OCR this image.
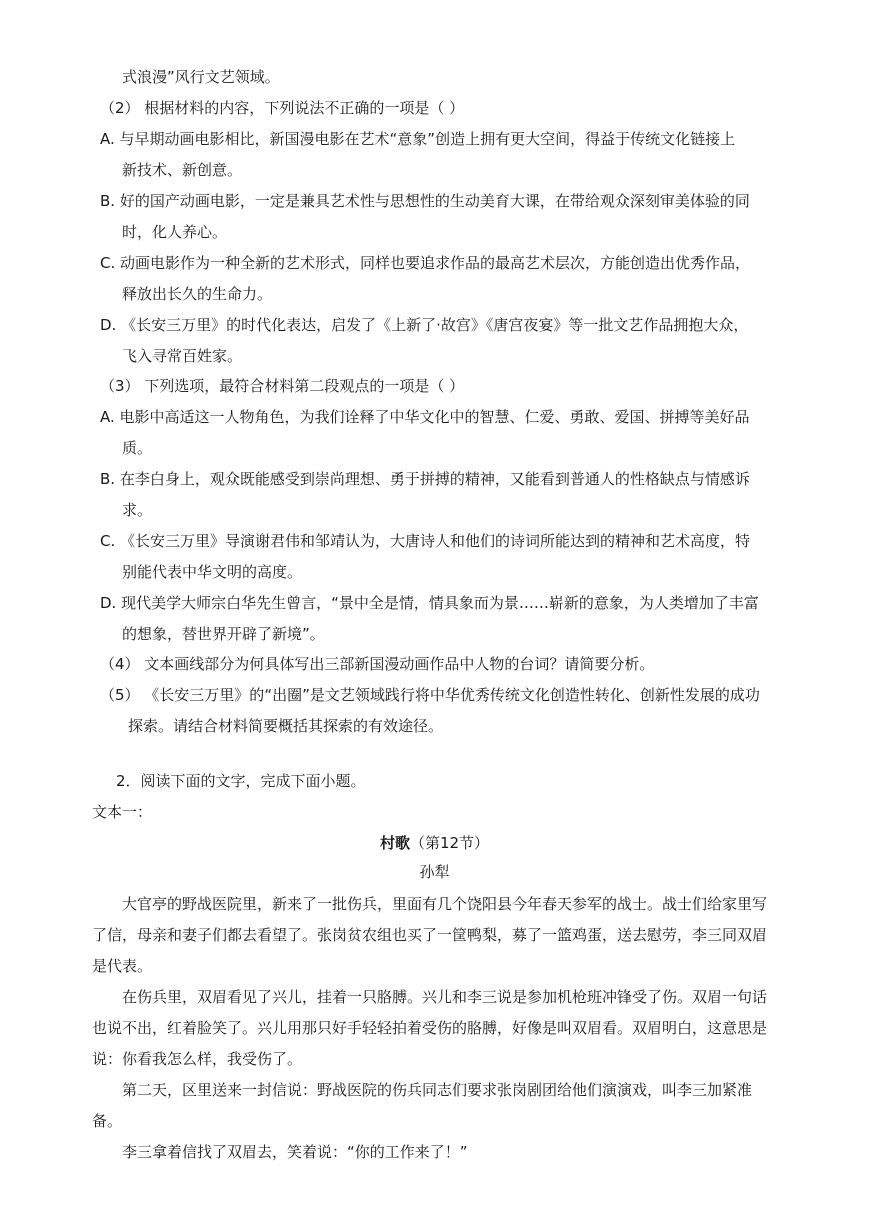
式浪漫”风行文艺领域。
（2） 根据材料的内容，下列说法不正确的一项是（ ）
A. 与早期动画电影相比，新国漫电影在艺术“意象”创造上拥有更大空间，得益于传统文化链接上
新技术、新创意。
B. 好的国产动画电影，一定是兼具艺术性与思想性的生动美育大课，在带给观众深刻审美体验的同
时，化人养心。
C. 动画电影作为一种全新的艺术形式，同样也要追求作品的最高艺术层次，方能创造出优秀作品，
释放出长久的生命力。
D. 《长安三万里》的时代化表达，启发了《上新了·故宫》《唐宫夜宴》等一批文艺作品拥抱大众，
飞入寻常百姓家。
（3） 下列选项，最符合材料第二段观点的一项是（ ）
A. 电影中高适这一人物角色，为我们诠释了中华文化中的智慧、仁爱、勇敢、爱国、拼搏等美好品
质。
B. 在李白身上，观众既能感受到崇尚理想、勇于拼搏的精神，又能看到普通人的性格缺点与情感诉
求。
C. 《长安三万里》导演谢君伟和邹靖认为，大唐诗人和他们的诗词所能达到的精神和艺术高度，特
别能代表中华文明的高度。
D. 现代美学大师宗白华先生曾言，“景中全是情，情具象而为景……崭新的意象，为人类增加了丰富
的想象，替世界开辟了新境”。
（4） 文本画线部分为何具体写出三部新国漫动画作品中人物的台词？请简要分析。
（5） 《长安三万里》的“出圈”是文艺领域践行将中华优秀传统文化创造性转化、创新性发展的成功
探索。请结合材料简要概括其探索的有效途径。
2．阅读下面的文字，完成下面小题。
文本一：
村歌（第12节）
孙犁
大官亭的野战医院里，新来了一批伤兵，里面有几个饶阳县今年春天参军的战士。战士们给家里写
了信，母亲和妻子们都去看望了。张岗贫农组也买了一筐鸭梨，募了一篮鸡蛋，送去慰劳，李三同双眉
是代表。
在伤兵里，双眉看见了兴儿，挂着一只胳膊。兴儿和李三说是参加机枪班冲锋受了伤。双眉一句话
也说不出，红着脸笑了。兴儿用那只好手轻轻拍着受伤的胳膊，好像是叫双眉看。双眉明白，这意思是
说：你看我怎么样，我受伤了。
第二天，区里送来一封信说：野战医院的伤兵同志们要求张岗剧团给他们演演戏，叫李三加紧准
备。
李三拿着信找了双眉去，笑着说：“你的工作来了！”
